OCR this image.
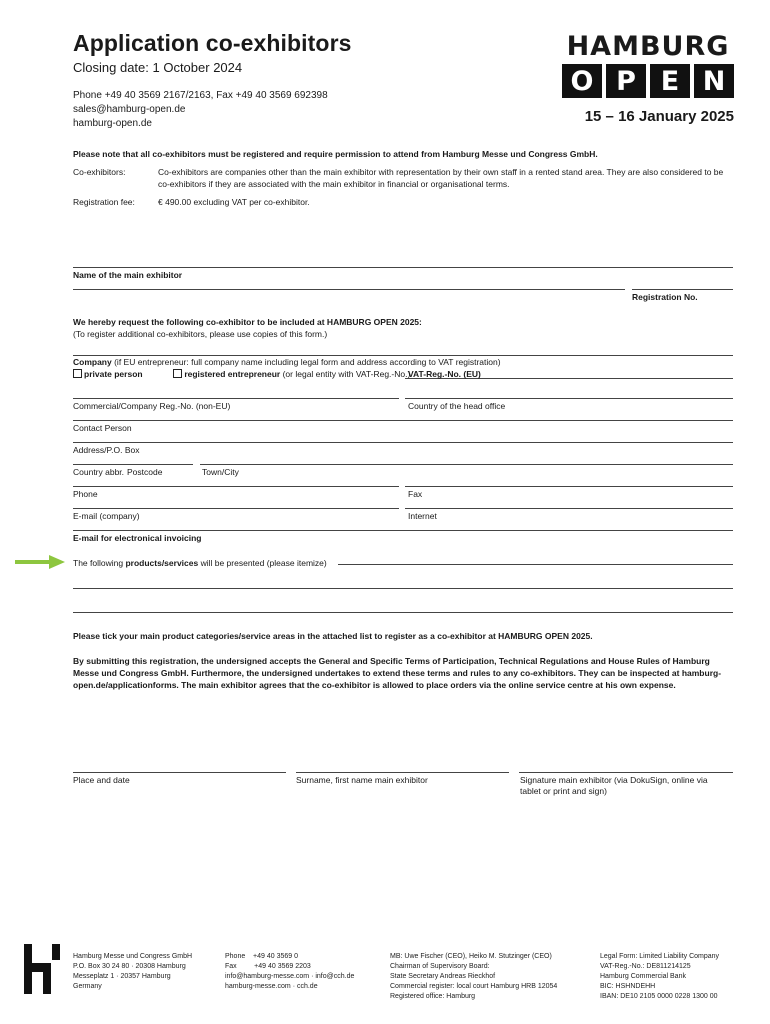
Application co-exhibitors
Closing date: 1 October 2024
Phone +49 40 3569 2167/2163, Fax +49 40 3569 692398
sales@hamburg-open.de
hamburg-open.de
HAMBURG
O P E N
15 – 16 January 2025
Please note that all co-exhibitors must be registered and require permission to attend from Hamburg Messe und Congress GmbH.
Co-exhibitors:	Co-exhibitors are companies other than the main exhibitor with representation by their own staff in a rented stand area. They are also considered to be co-exhibitors if they are associated with the main exhibitor in financial or organisational terms.
Registration fee:	€ 490.00 excluding VAT per co-exhibitor.
Name of the main exhibitor
Registration No.
We hereby request the following co-exhibitor to be included at HAMBURG OPEN 2025:
(To register additional co-exhibitors, please use copies of this form.)
Company (if EU entrepreneur: full company name including legal form and address according to VAT registration)
private person	registered entrepreneur (or legal entity with VAT-Reg.-No.)
VAT-Reg.-No. (EU)
Commercial/Company Reg.-No. (non-EU)	Country of the head office
Contact Person
Address/P.O. Box
Country abbr. Postcode	Town/City
Phone	Fax
E-mail (company)	Internet
E-mail for electronical invoicing
The following products/services will be presented (please itemize)
Please tick your main product categories/service areas in the attached list to register as a co-exhibitor at HAMBURG OPEN 2025.
By submitting this registration, the undersigned accepts the General and Specific Terms of Participation, Technical Regulations and House Rules of Hamburg Messe und Congress GmbH. Furthermore, the undersigned undertakes to extend these terms and rules to any co-exhibitors. They can be inspected at hamburg-open.de/applicationforms. The main exhibitor agrees that the co-exhibitor is allowed to place orders via the online service centre at his own expense.
Place and date	Surname, first name main exhibitor	Signature main exhibitor (via DokuSign, online via tablet or print and sign)
Hamburg Messe und Congress GmbH
P.O. Box 30 24 80 · 20308 Hamburg
Messeplatz 1 · 20357 Hamburg
Germany
Phone    +49 40 3569 0
Fax         +49 40 3569 2203
info@hamburg-messe.com · info@cch.de
hamburg-messe.com · cch.de
MB: Uwe Fischer (CEO), Heiko M. Stutzinger (CEO)
Chairman of Supervisory Board:
State Secretary Andreas Rieckhof
Commercial register: local court Hamburg HRB 12054
Registered office: Hamburg
Legal Form: Limited Liability Company
VAT-Reg.-No.: DE811214125
Hamburg Commercial Bank
BIC: HSHNDEHH
IBAN: DE10 2105 0000 0228 1300 00
